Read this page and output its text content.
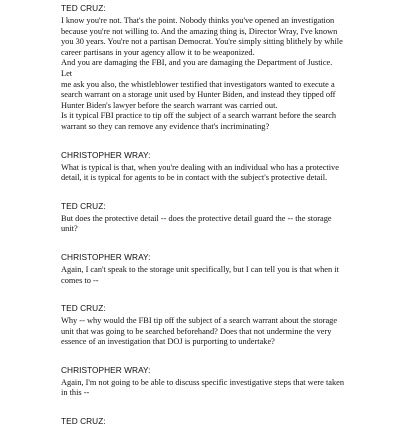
TED CRUZ:

I know you're not. That's the point. Nobody thinks you've opened an investigation
because you're not willing to. And the amazing thing is, Director Wray, I've known
you 30 years. You're not a partisan Democrat. You're simply sitting blithely by while
career partisans in your agency allow it to be weaponized.
And you are damaging the FBI, and you are damaging the Department of Justice. Let
me ask you also, the whistleblower testified that investigators wanted to execute a
search warrant on a storage unit used by Hunter Biden, and instead they tipped off
Hunter Biden's lawyer before the search warrant was carried out.
Is it typical FBI practice to tip off the subject of a search warrant before the search
warrant so they can remove any evidence that's incriminating?

CHRISTOPHER WRAY:

What is typical is that, when you're dealing with an individual who has a protective
detail, it is typical for agents to be in contact with the subject's protective detail.

TED CRUZ:

But does the protective detail -- does the protective detail guard the -- the storage
unit?

CHRISTOPHER WRAY:

Again, I can't speak to the storage unit specifically, but I can tell you is that when it
comes to --

TED CRUZ:

Why -- why would the FBI tip off the subject of a search warrant about the storage
unit that was going to be searched beforehand? Does that not undermine the very
essence of an investigation that DOJ is purporting to undertake?

CHRISTOPHER WRAY:

Again, I'm not going to be able to discuss specific investigative steps that were taken
in this --

TED CRUZ:
